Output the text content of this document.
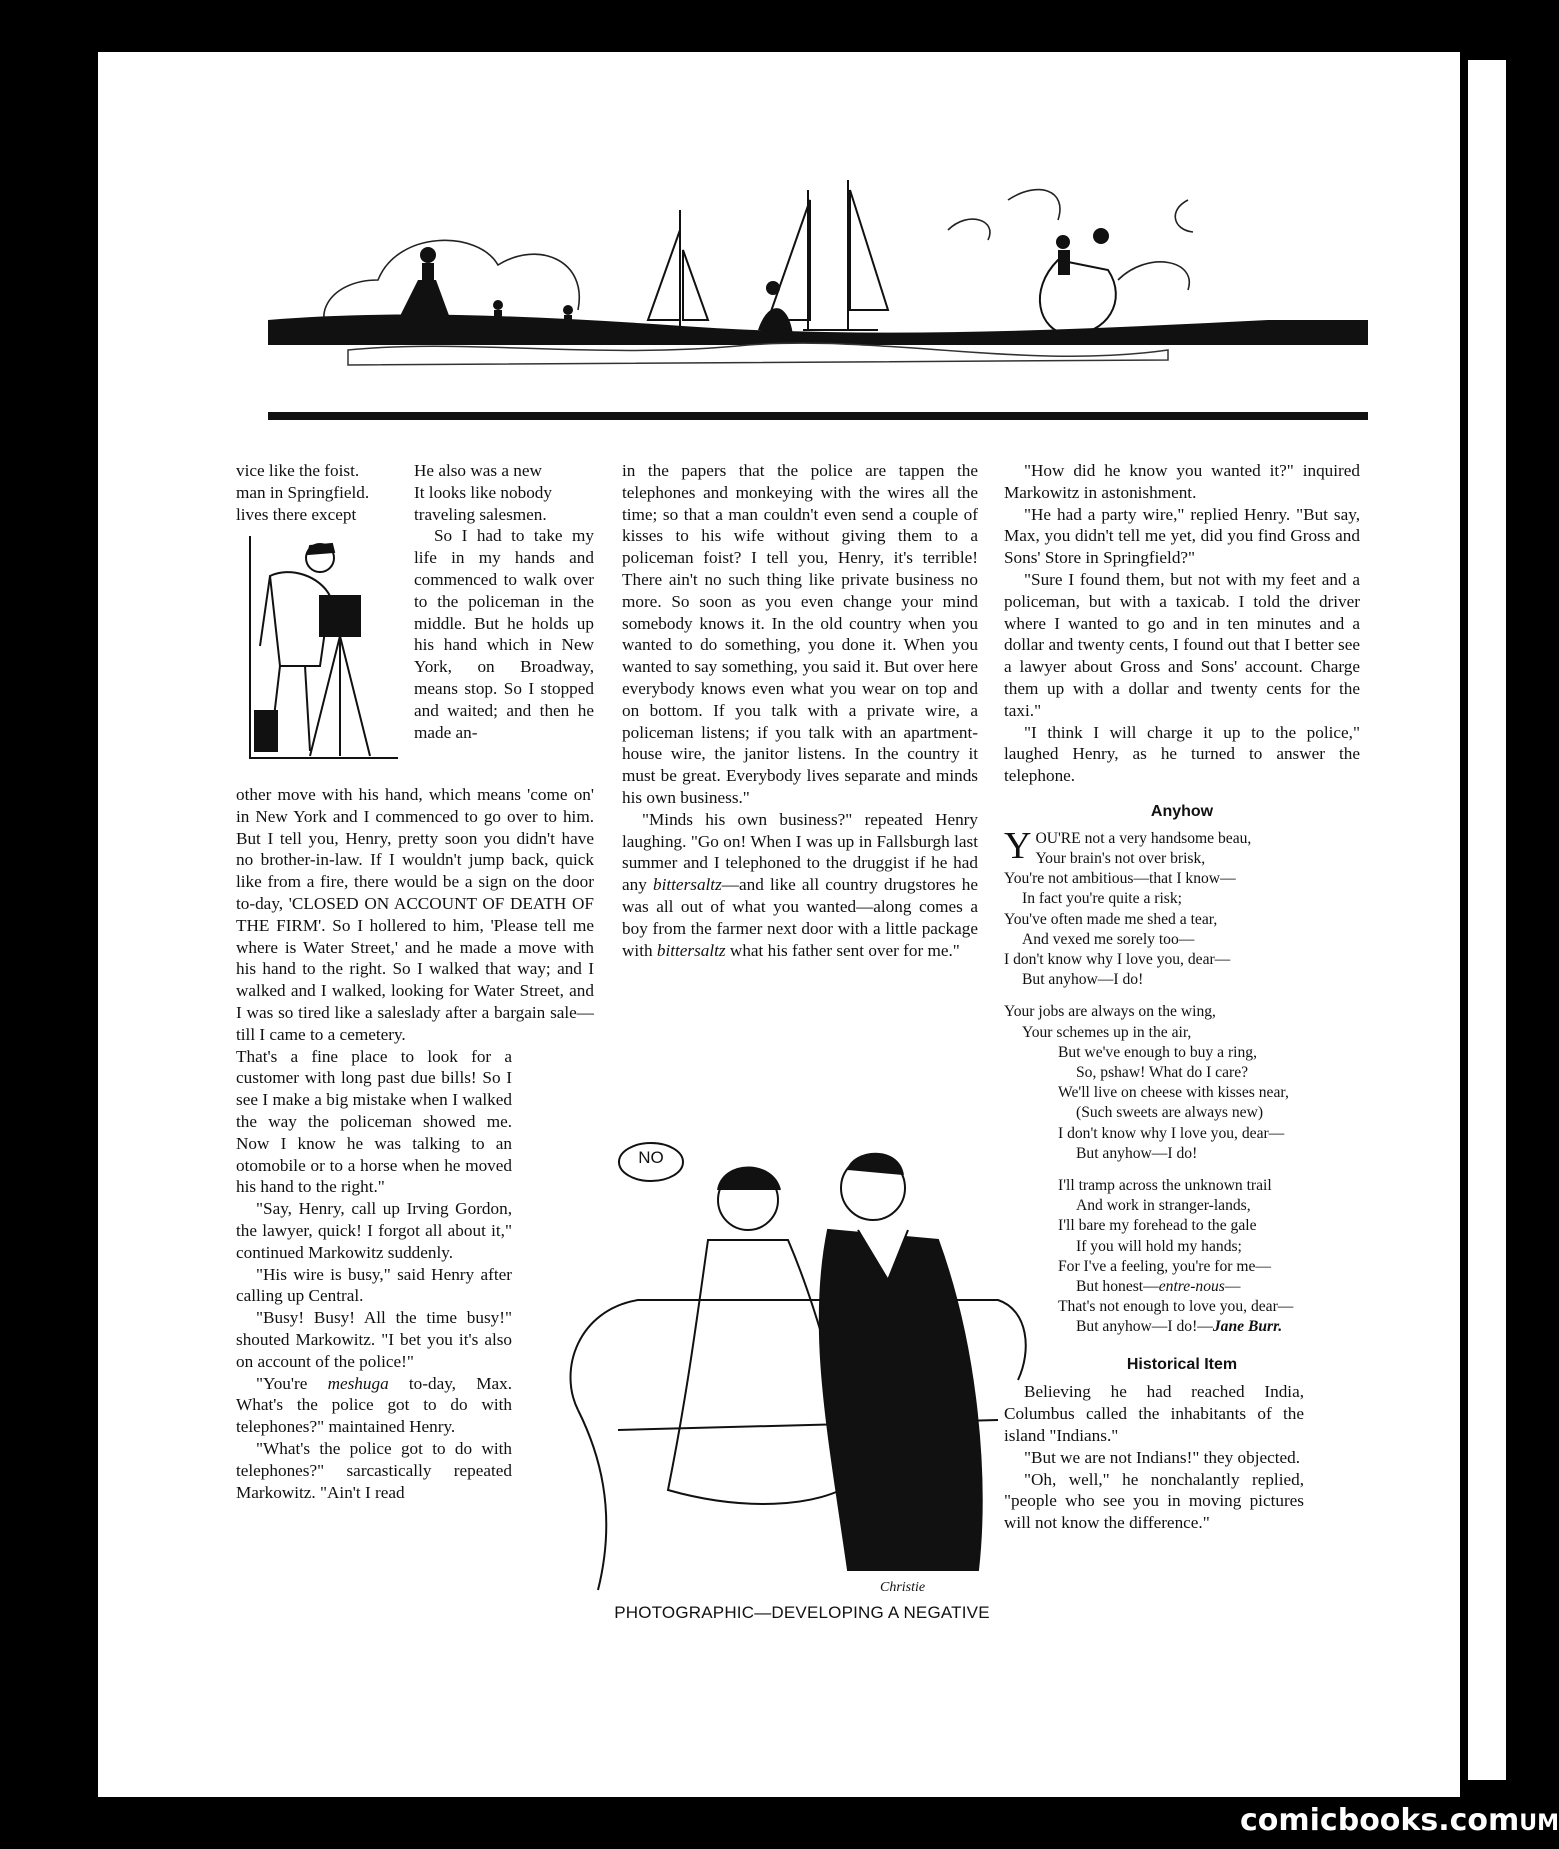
vice like the foist.
man in Springfield.
lives there except
He also was a new
It looks like nobody
traveling salesmen.

So I had to take my life in my hands and commenced to walk over to the policeman in the middle. But he holds up his hand which in New York, on Broadway, means stop. So I stopped and waited; and then he made an-

other move with his hand, which means 'come on' in New York and I commenced to go over to him. But I tell you, Henry, pretty soon you didn't have no brother-in-law. If I wouldn't jump back, quick like from a fire, there would be a sign on the door to-day, 'CLOSED ON ACCOUNT OF DEATH OF THE FIRM'. So I hollered to him, 'Please tell me where is Water Street,' and he made a move with his hand to the right. So I walked that way; and I walked and I walked, looking for Water Street, and I was so tired like a saleslady after a bargain sale—till I came to a cemetery.

That's a fine place to look for a customer with long past due bills! So I see I make a big mistake when I walked the way the policeman showed me. Now I know he was talking to an otomobile or to a horse when he moved his hand to the right."

"Say, Henry, call up Irving Gordon, the lawyer, quick! I forgot all about it," continued Markowitz suddenly.

"His wire is busy," said Henry after calling up Central.

"Busy! Busy! All the time busy!" shouted Markowitz. "I bet you it's also on account of the police!"

"You're meshuga to-day, Max. What's the police got to do with telephones?" maintained Henry.

"What's the police got to do with telephones?" sarcastically repeated Markowitz. "Ain't I read

in the papers that the police are tappen the telephones and monkeying with the wires all the time; so that a man couldn't even send a couple of kisses to his wife without giving them to a policeman foist? I tell you, Henry, it's terrible! There ain't no such thing like private business no more. So soon as you even change your mind somebody knows it. In the old country when you wanted to do something, you done it. When you wanted to say something, you said it. But over here everybody knows even what you wear on top and on bottom. If you talk with a private wire, a policeman listens; if you talk with an apartment-house wire, the janitor listens. In the country it must be great. Everybody lives separate and minds his own business."

"Minds his own business?" repeated Henry laughing. "Go on! When I was up in Fallsburgh last summer and I telephoned to the druggist if he had any bittersaltz—and like all country drugstores he was all out of what you wanted—along comes a boy from the farmer next door with a little package with bittersaltz what his father sent over for me."

NO
Christie
PHOTOGRAPHIC—DEVELOPING A NEGATIVE

"How did he know you wanted it?" inquired Markowitz in astonishment.

"He had a party wire," replied Henry. "But say, Max, you didn't tell me yet, did you find Gross and Sons' Store in Springfield?"

"Sure I found them, but not with my feet and a policeman, but with a taxicab. I told the driver where I wanted to go and in ten minutes and a dollar and twenty cents, I found out that I better see a lawyer about Gross and Sons' account. Charge them up with a dollar and twenty cents for the taxi."

"I think I will charge it up to the police," laughed Henry, as he turned to answer the telephone.

Anyhow

Y OU'RE not a very handsome beau,
Your brain's not over brisk,
You're not ambitious—that I know—
In fact you're quite a risk;
You've often made me shed a tear,
And vexed me sorely too—
I don't know why I love you, dear—
But anyhow—I do!
Your jobs are always on the wing,
Your schemes up in the air,
But we've enough to buy a ring,
So, pshaw! What do I care?
We'll live on cheese with kisses near,
(Such sweets are always new)
I don't know why I love you, dear—
But anyhow—I do!
I'll tramp across the unknown trail
And work in stranger-lands,
I'll bare my forehead to the gale
If you will hold my hands;
For I've a feeling, you're for me—
But honest—entre-nous—
That's not enough to love you, dear—
But anyhow—I do!—Jane Burr.

Historical Item

Believing he had reached India, Columbus called the inhabitants of the island "Indians."

"But we are not Indians!" they objected.

"Oh, well," he nonchalantly replied, "people who see you in moving pictures will not know the difference."

comicbooks.comUM
